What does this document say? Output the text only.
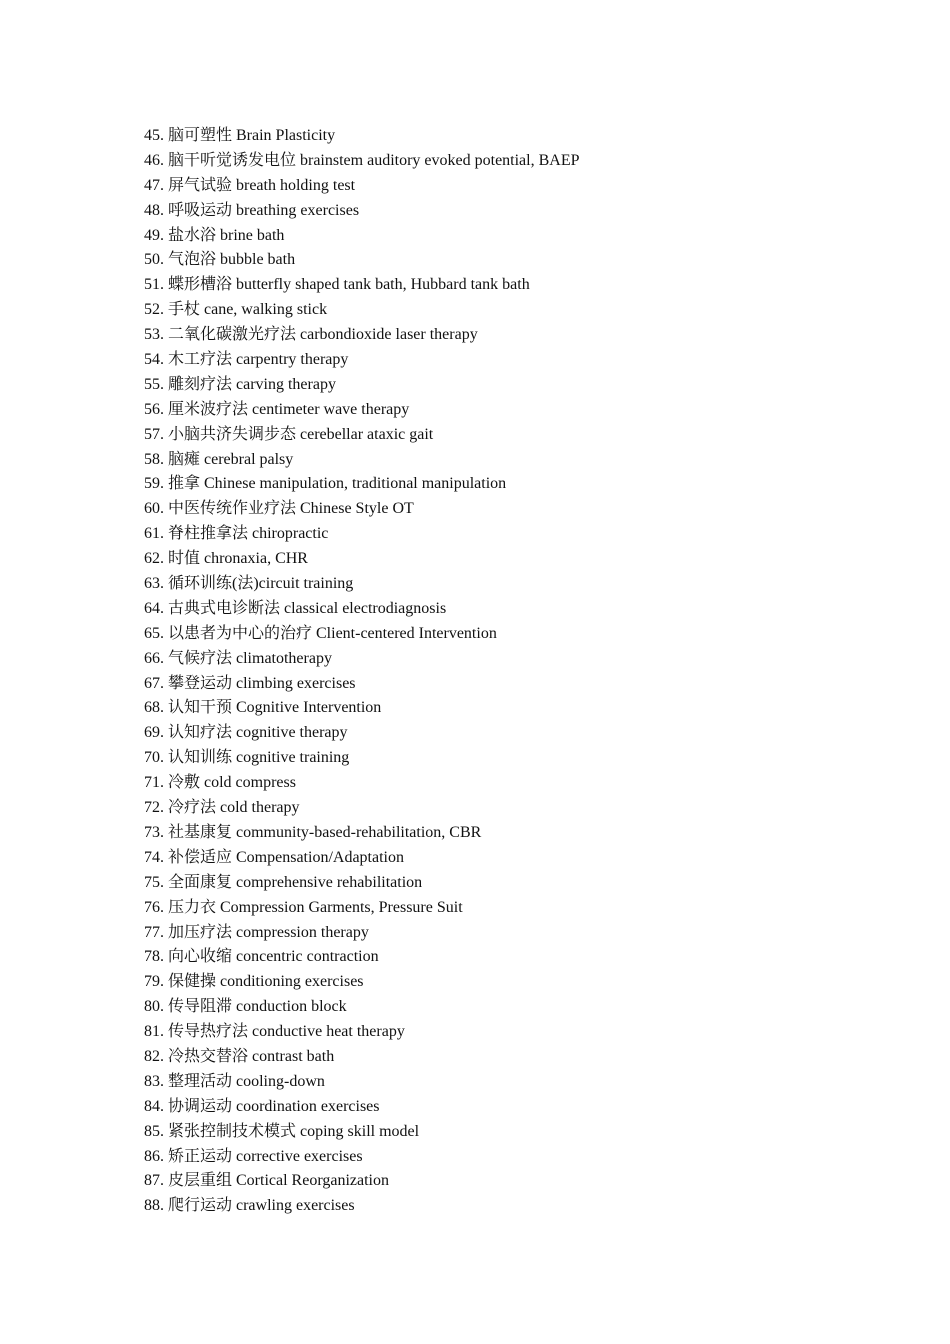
45. 脑可塑性 Brain Plasticity
46. 脑干听觉诱发电位 brainstem auditory evoked potential, BAEP
47. 屏气试验 breath holding test
48. 呼吸运动 breathing exercises
49. 盐水浴 brine bath
50. 气泡浴 bubble bath
51. 蝶形槽浴 butterfly shaped tank bath, Hubbard tank bath
52. 手杖 cane, walking stick
53. 二氧化碳激光疗法 carbondioxide laser therapy
54. 木工疗法 carpentry therapy
55. 雕刻疗法 carving therapy
56. 厘米波疗法 centimeter wave therapy
57. 小脑共济失调步态 cerebellar ataxic gait
58. 脑瘫 cerebral palsy
59. 推拿 Chinese manipulation, traditional manipulation
60. 中医传统作业疗法 Chinese Style OT
61. 脊柱推拿法 chiropractic
62. 时值 chronaxia, CHR
63. 循环训练(法)circuit training
64. 古典式电诊断法 classical electrodiagnosis
65. 以患者为中心的治疗 Client-centered Intervention
66. 气候疗法 climatotherapy
67. 攀登运动 climbing exercises
68. 认知干预 Cognitive Intervention
69. 认知疗法 cognitive therapy
70. 认知训练 cognitive training
71. 冷敷 cold compress
72. 冷疗法 cold therapy
73. 社基康复 community-based-rehabilitation, CBR
74. 补偿适应 Compensation/Adaptation
75. 全面康复 comprehensive rehabilitation
76. 压力衣 Compression Garments, Pressure Suit
77. 加压疗法 compression therapy
78. 向心收缩 concentric contraction
79. 保健操 conditioning exercises
80. 传导阻滞 conduction block
81. 传导热疗法 conductive heat therapy
82. 冷热交替浴 contrast bath
83. 整理活动 cooling-down
84. 协调运动 coordination exercises
85. 紧张控制技术模式 coping skill model
86. 矫正运动 corrective exercises
87. 皮层重组 Cortical Reorganization
88. 爬行运动 crawling exercises
